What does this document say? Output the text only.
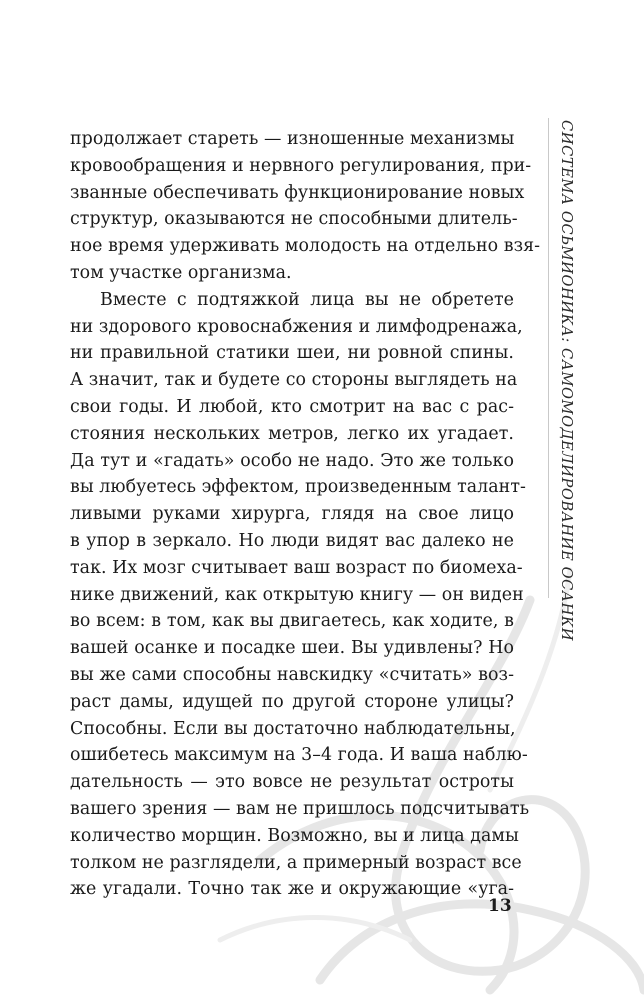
продолжает стареть — изношенные механизмы
кровообращения и нервного регулирования, при-
званные обеспечивать функционирование новых
структур, оказываются не способными длитель-
ное время удерживать молодость на отдельно взя-
том участке организма.
Вместе с подтяжкой лица вы не обретете
ни здорового кровоснабжения и лимфодренажа,
ни правильной статики шеи, ни ровной спины.
А значит, так и будете со стороны выглядеть на
свои годы. И любой, кто смотрит на вас с рас-
стояния нескольких метров, легко их угадает.
Да тут и «гадать» особо не надо. Это же только
вы любуетесь эффектом, произведенным талант-
ливыми руками хирурга, глядя на свое лицо
в упор в зеркало. Но люди видят вас далеко не
так. Их мозг считывает ваш возраст по биомеха-
нике движений, как открытую книгу — он виден
во всем: в том, как вы двигаетесь, как ходите, в
вашей осанке и посадке шеи. Вы удивлены? Но
вы же сами способны навскидку «считать» воз-
раст дамы, идущей по другой стороне улицы?
Способны. Если вы достаточно наблюдательны,
ошибетесь максимум на 3–4 года. И ваша наблю-
дательность — это вовсе не результат остроты
вашего зрения — вам не пришлось подсчитывать
количество морщин. Возможно, вы и лица дамы
толком не разглядели, а примерный возраст все
же угадали. Точно так же и окружающие «уга-
СИСТЕМА ОСЬМИОНИКА: САМОМОДЕЛИРОВАНИЕ ОСАНКИ
13
